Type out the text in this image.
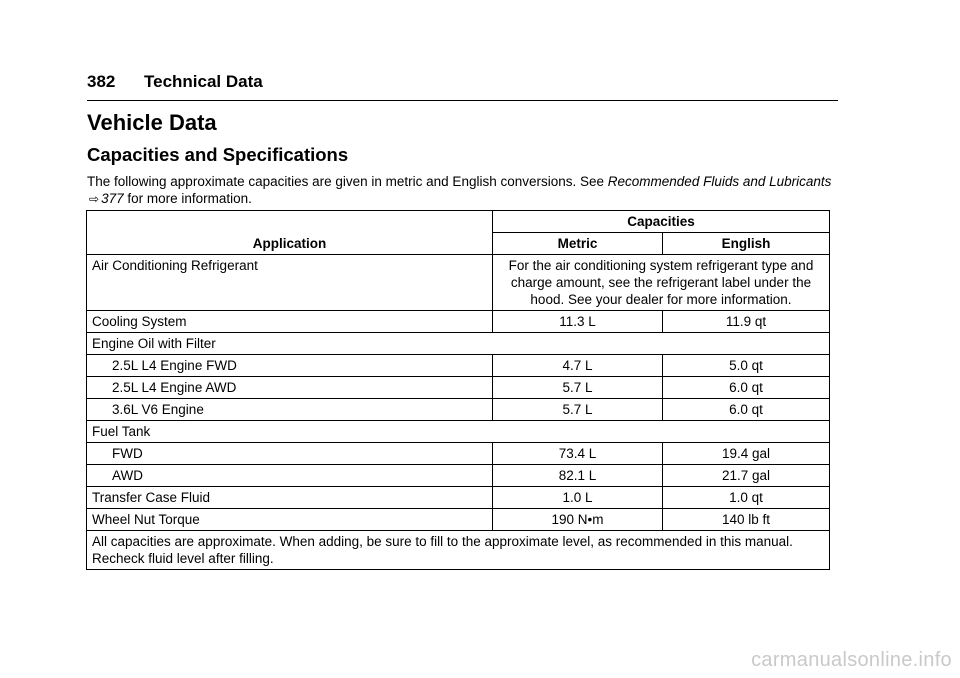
382 Technical Data
Vehicle Data
Capacities and Specifications

The following approximate capacities are given in metric and English conversions. See Recommended Fluids and Lubricants ⇨ 377 for more information.

Application	Capacities	
	Metric	English
Air Conditioning Refrigerant	For the air conditioning system refrigerant type and charge amount, see the refrigerant label under the hood. See your dealer for more information.	
Cooling System	11.3 L	11.9 qt
Engine Oil with Filter		
2.5L L4 Engine FWD	4.7 L	5.0 qt
2.5L L4 Engine AWD	5.7 L	6.0 qt
3.6L V6 Engine	5.7 L	6.0 qt
Fuel Tank		
FWD	73.4 L	19.4 gal
AWD	82.1 L	21.7 gal
Transfer Case Fluid	1.0 L	1.0 qt
Wheel Nut Torque	190 N•m	140 lb ft
All capacities are approximate. When adding, be sure to fill to the approximate level, as recommended in this manual. Recheck fluid level after filling.		
carmanualsonline.info
